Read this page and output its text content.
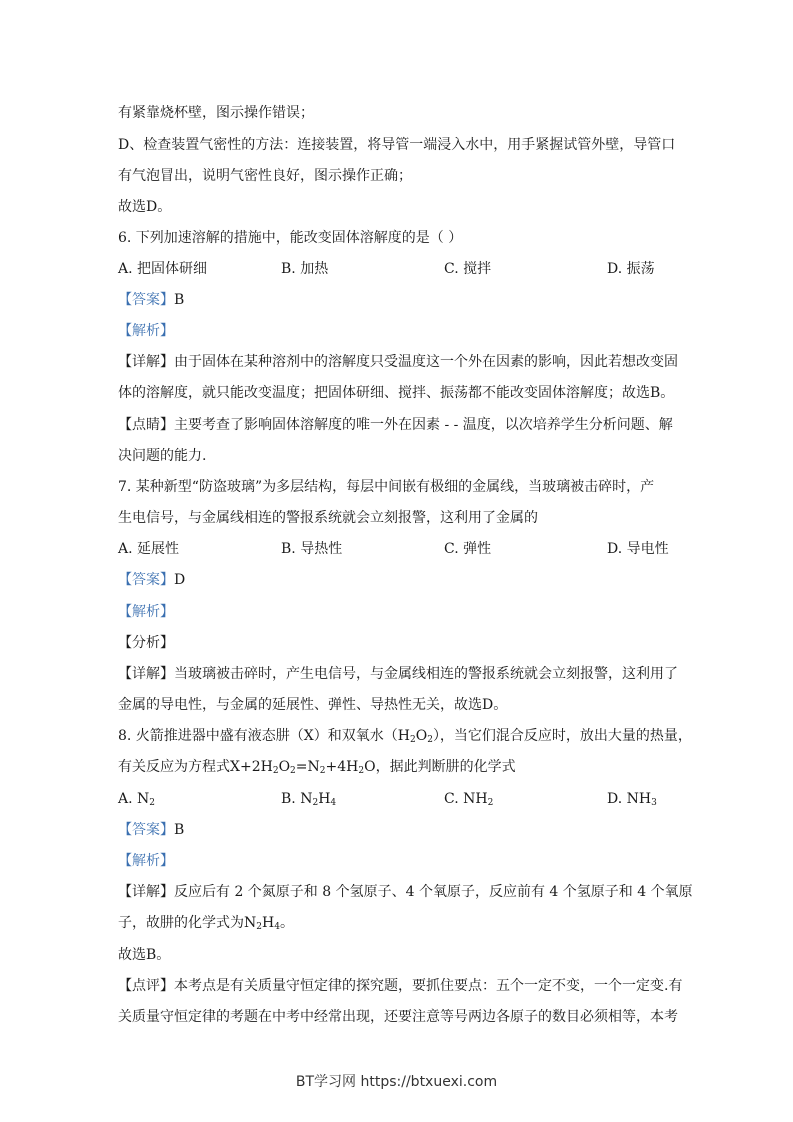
有紧靠烧杯壁，图示操作错误；
D、检查装置气密性的方法：连接装置，将导管一端浸入水中，用手紧握试管外壁，导管口
有气泡冒出，说明气密性良好，图示操作正确；
故选D。
6. 下列加速溶解的措施中，能改变固体溶解度的是（ ）
A. 把固体研细	B. 加热	C. 搅拌	D. 振荡
【答案】B
【解析】
【详解】由于固体在某种溶剂中的溶解度只受温度这一个外在因素的影响，因此若想改变固
体的溶解度，就只能改变温度；把固体研细、搅拌、振荡都不能改变固体溶解度；故选B。
【点睛】主要考查了影响固体溶解度的唯一外在因素 - - 温度，以次培养学生分析问题、解
决问题的能力.
7. 某种新型“防盗玻璃”为多层结构，每层中间嵌有极细的金属线，当玻璃被击碎时，产
生电信号，与金属线相连的警报系统就会立刻报警，这利用了金属的
A. 延展性	B. 导热性	C. 弹性	D. 导电性
【答案】D
【解析】
【分析】
【详解】当玻璃被击碎时，产生电信号，与金属线相连的警报系统就会立刻报警，这利用了
金属的导电性，与金属的延展性、弹性、导热性无关，故选D。
8. 火箭推进器中盛有液态肼（X）和双氧水$(H_2O_2)$，当它们混合反应时，放出大量的热量，
有关反应为方程式$X+2H_2O_2=N_2+4H_2O$，据此判断肼的化学式
A. $N_2$	B. $N_2H_4$	C. $NH_2$	D. $NH_3$
【答案】B
【解析】
【详解】反应后有 2 个氮原子和 8 个氢原子、4 个氧原子，反应前有 4 个氢原子和 4 个氧原
子，故肼的化学式为$N_2H_4$。
故选B。
【点评】本考点是有关质量守恒定律的探究题，要抓住要点：五个一定不变，一个一定变.有
关质量守恒定律的考题在中考中经常出现，还要注意等号两边各原子的数目必须相等，本考
BT学习网 https://btxuexi.com
